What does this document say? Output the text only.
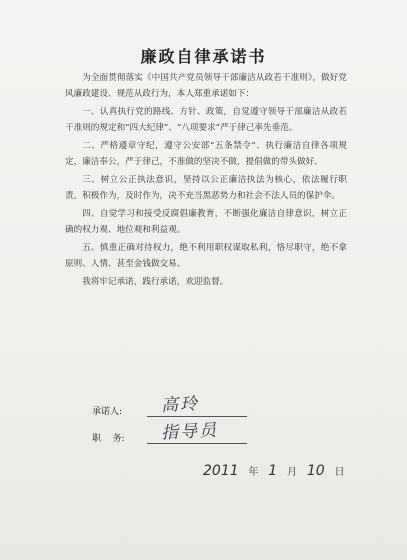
廉政自律承诺书

为全面贯彻落实《中国共产党员领导干部廉洁从政若干准则》，做好党风廉政建设、规范从政行为，本人郑重承诺如下：

一、认真执行党的路线、方针、政策，自觉遵守领导干部廉洁从政若干准则的规定和“四大纪律”、“八项要求”严于律己率先垂范。

二、严格遵章守纪，遵守公安部“五条禁令”、执行廉洁自律各项规定，廉洁奉公，严于律己，不准做的坚决不做，提倡做的带头做好。

三、树立公正执法意识，坚持以公正廉洁执法为核心，依法履行职责，积极作为，及时作为，决不充当黑恶势力和社会不法人员的保护伞。

四、自觉学习和接受反腐倡廉教育，不断强化廉洁自律意识，树立正确的权力观、地位观和利益观。

五、慎重正确对待权力，绝不利用职权谋取私利，恪尽职守，绝不拿原则、人情、甚至金钱做交易。

我将牢记承诺，践行承诺，欢迎监督。

承诺人:	高玲
职    务:	指导员
2011 年 1 月 10 日
